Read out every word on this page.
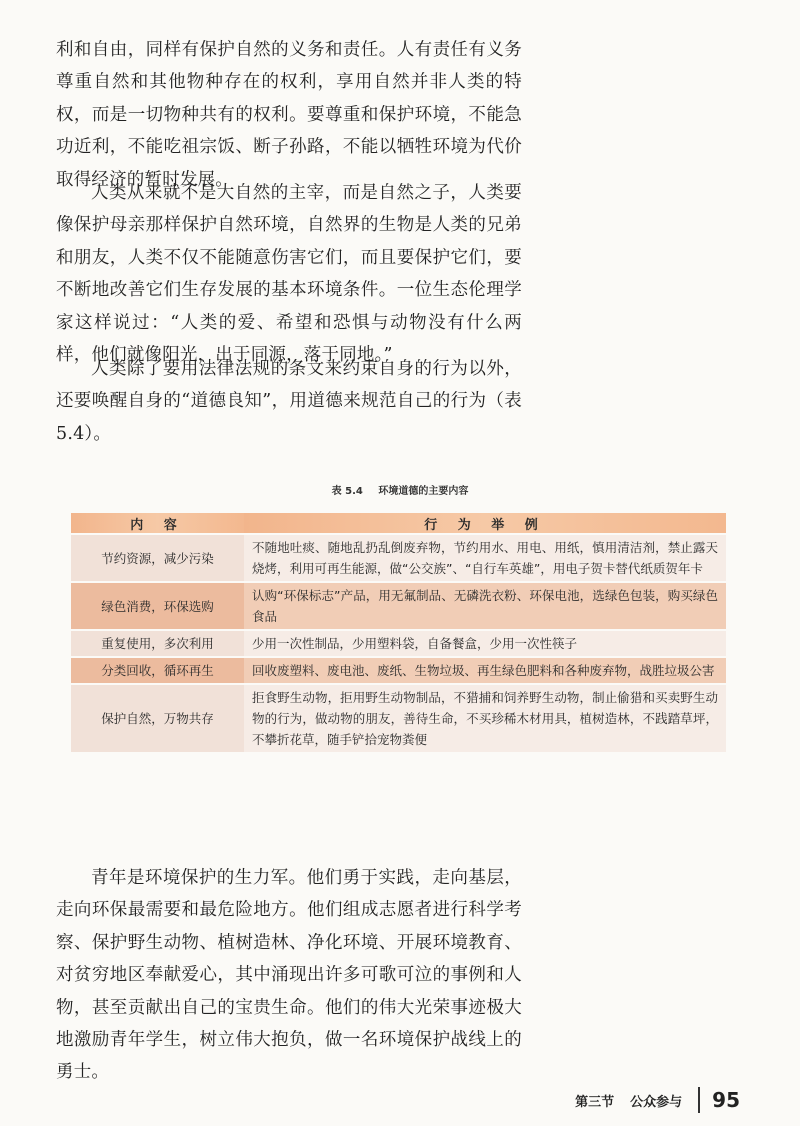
利和自由，同样有保护自然的义务和责任。人有责任有义务尊重自然和其他物种存在的权利，享用自然并非人类的特权，而是一切物种共有的权利。要尊重和保护环境，不能急功近利，不能吃祖宗饭、断子孙路，不能以牺牲环境为代价取得经济的暂时发展。

人类从来就不是大自然的主宰，而是自然之子，人类要像保护母亲那样保护自然环境，自然界的生物是人类的兄弟和朋友，人类不仅不能随意伤害它们，而且要保护它们，要不断地改善它们生存发展的基本环境条件。一位生态伦理学家这样说过：“人类的爱、希望和恐惧与动物没有什么两样，他们就像阳光，出于同源，落于同地。”

人类除了要用法律法规的条文来约束自身的行为以外，还要唤醒自身的“道德良知”，用道德来规范自己的行为（表5.4）。

表 5.4 环境道德的主要内容
内 容	行 为 举 例
节约资源，减少污染	不随地吐痰、随地乱扔乱倒废弃物，节约用水、用电、用纸，慎用清洁剂，禁止露天烧烤，利用可再生能源，做“公交族”、“自行车英雄”，用电子贺卡替代纸质贺年卡
绿色消费，环保选购	认购“环保标志”产品，用无氟制品、无磷洗衣粉、环保电池，选绿色包装，购买绿色食品
重复使用，多次利用	少用一次性制品，少用塑料袋，自备餐盒，少用一次性筷子
分类回收，循环再生	回收废塑料、废电池、废纸、生物垃圾、再生绿色肥料和各种废弃物，战胜垃圾公害
保护自然，万物共存	拒食野生动物，拒用野生动物制品，不猎捕和饲养野生动物，制止偷猎和买卖野生动物的行为，做动物的朋友，善待生命，不买珍稀木材用具，植树造林，不践踏草坪，不攀折花草，随手铲拾宠物粪便

青年是环境保护的生力军。他们勇于实践，走向基层，走向环保最需要和最危险地方。他们组成志愿者进行科学考察、保护野生动物、植树造林、净化环境、开展环境教育、对贫穷地区奉献爱心，其中涌现出许多可歌可泣的事例和人物，甚至贡献出自己的宝贵生命。他们的伟大光荣事迹极大地激励青年学生，树立伟大抱负，做一名环境保护战线上的勇士。

第三节 公众参与 95
